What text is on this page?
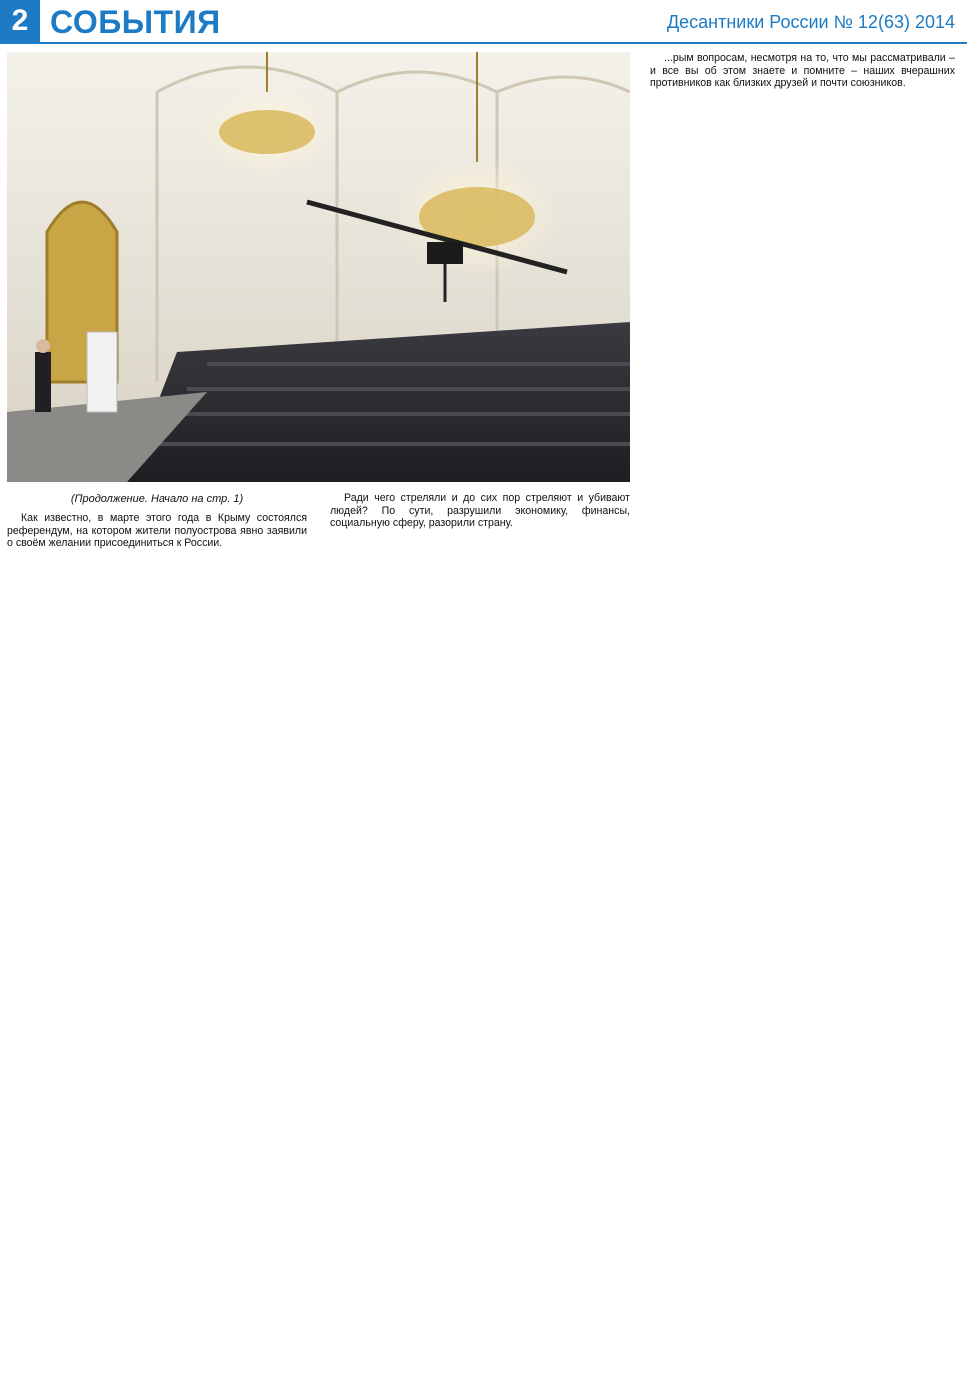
2 СОБЫТИЯ	Десантники России № 12(63) 2014
(Продолжение. Начало на стр. 1)

Как известно, в марте этого года в Крыму состоялся референдум, на котором жители полуострова явно заявили о своём желании присоединиться к России.

Ради чего стреляли и до сих пор стреляют и убивают людей? По сути, разрушили экономику, финансы, социальную сферу, разорили страну.

...рым вопросам, несмотря на то, что мы рассматривали – и все вы об этом знаете и помните – наших вчерашних противников как близких друзей и почти союзников.
